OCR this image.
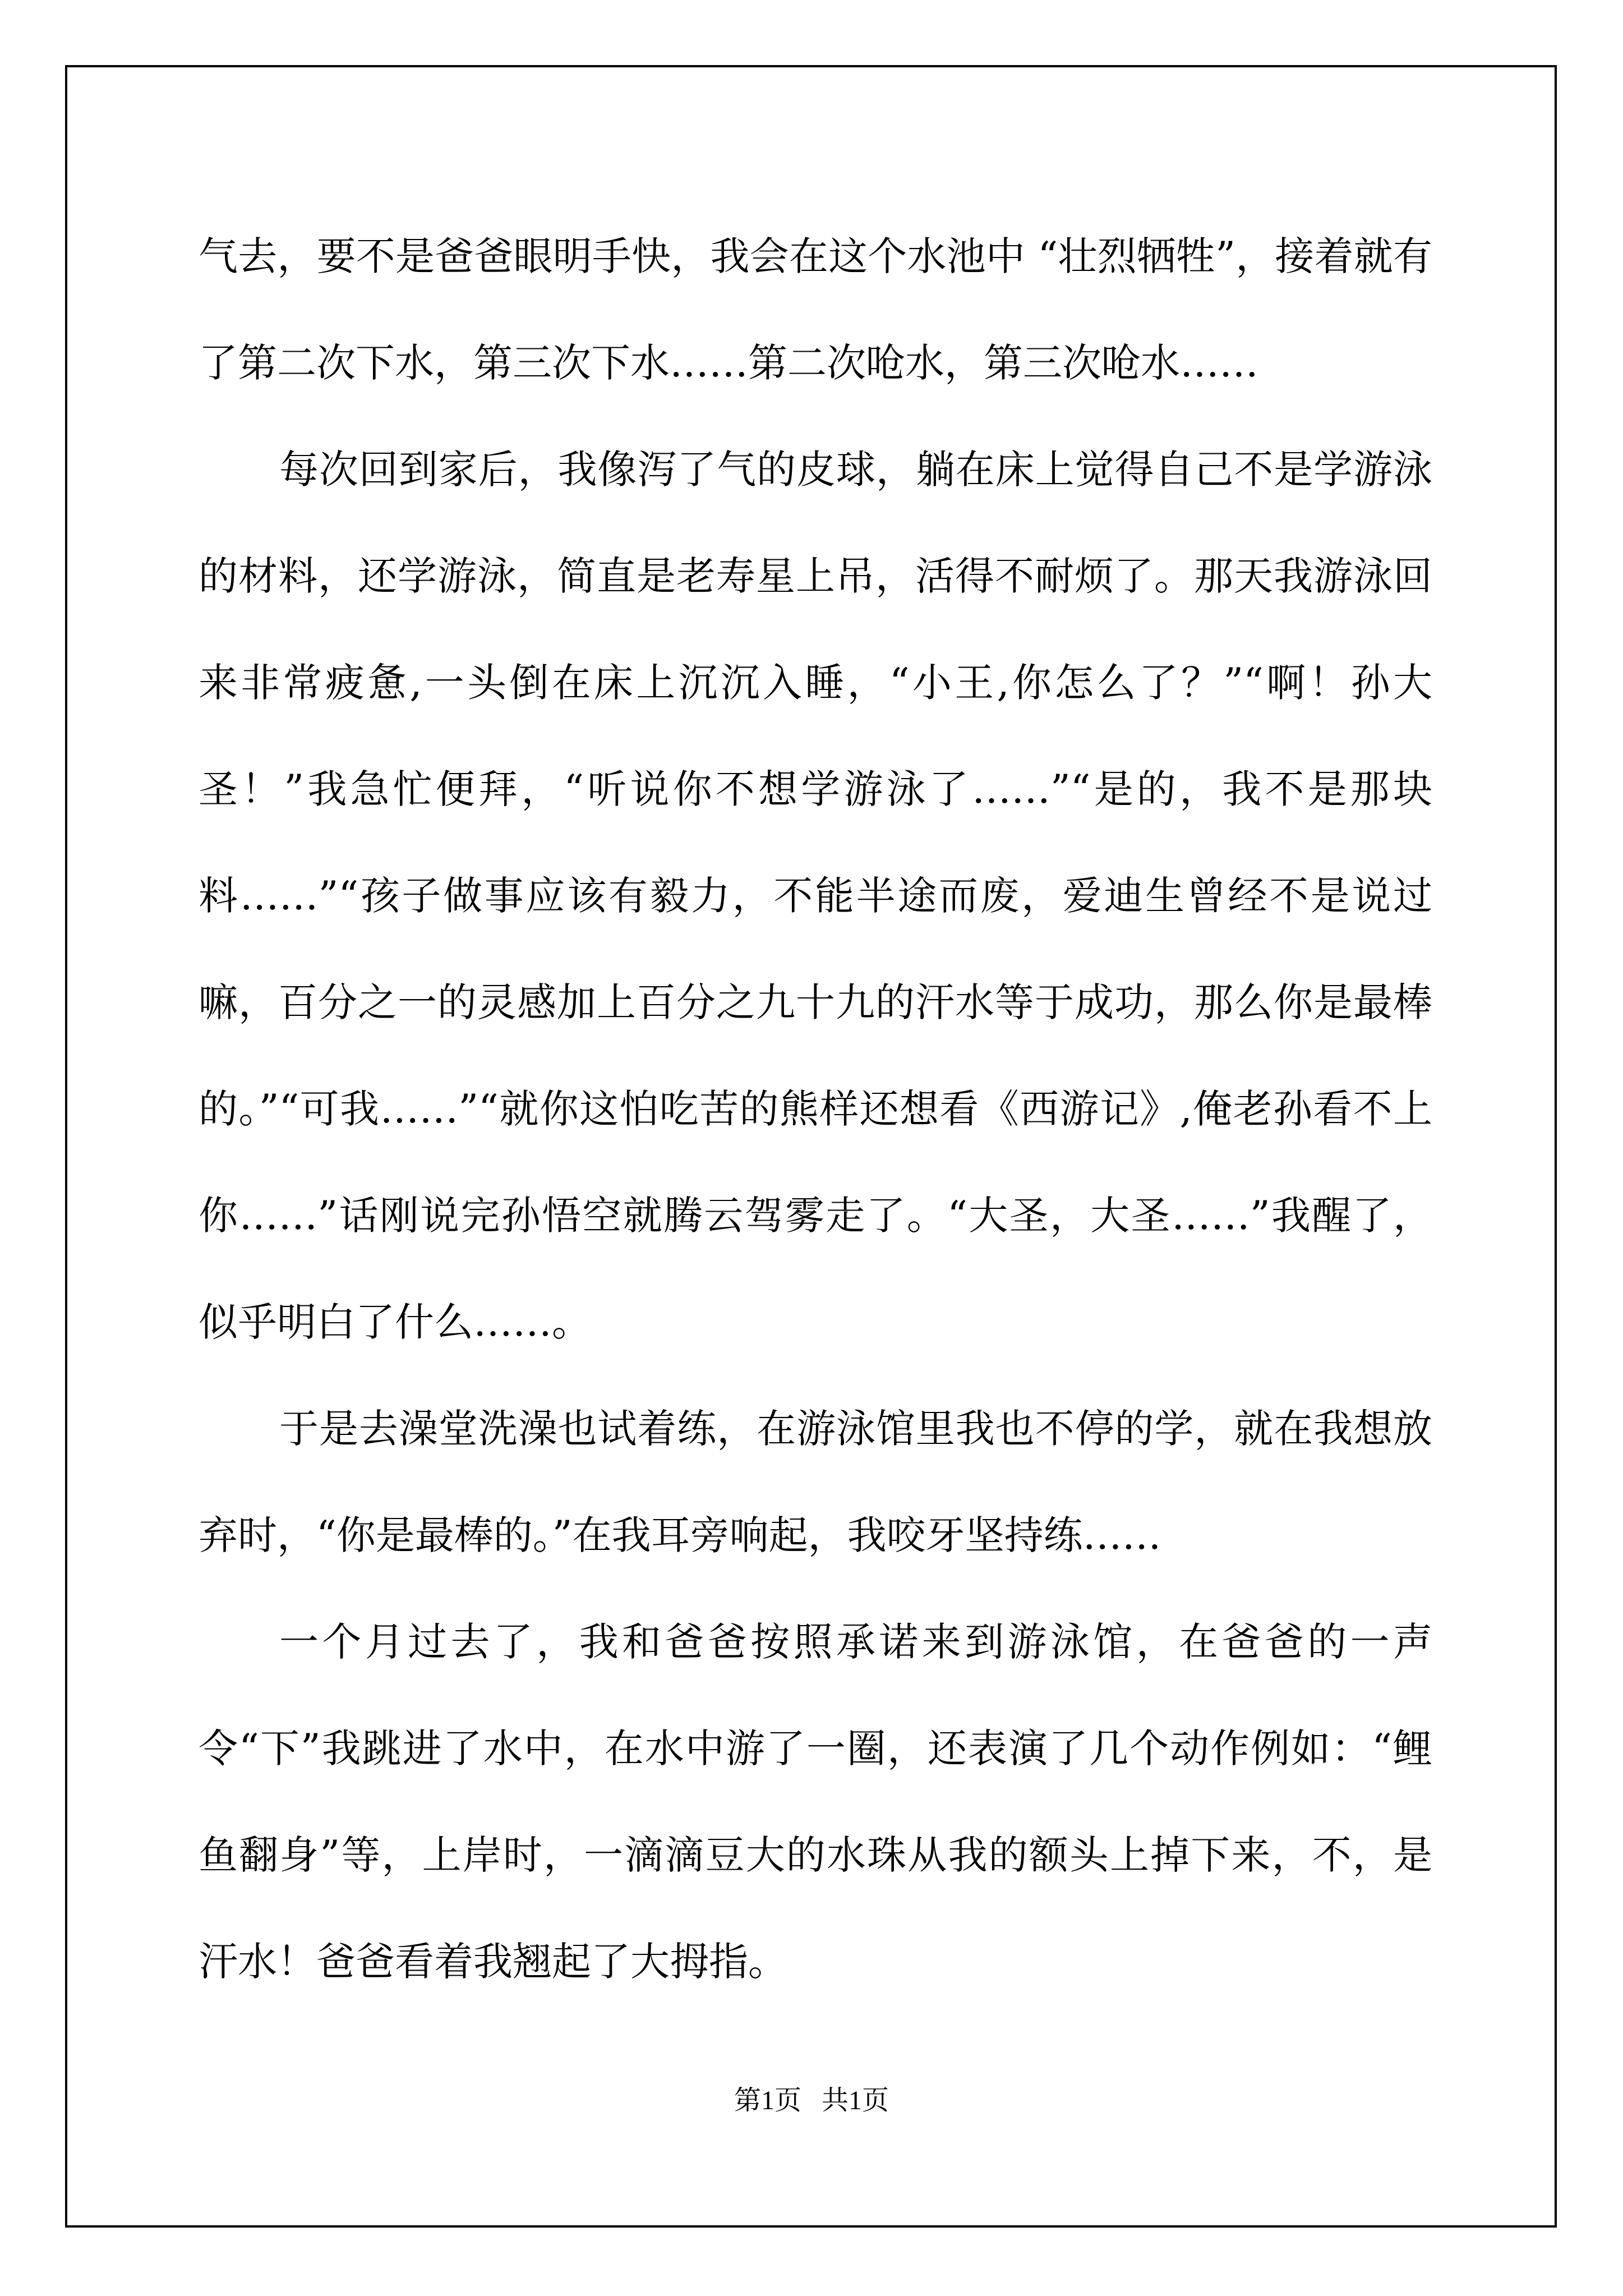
气去，要不是爸爸眼明手快，我会在这个水池中 “壮烈牺牲”，接着就有了第二次下水，第三次下水……第二次呛水，第三次呛水……

每次回到家后，我像泻了气的皮球，躺在床上觉得自己不是学游泳的材料，还学游泳，简直是老寿星上吊，活得不耐烦了。那天我游泳回来非常疲惫,一头倒在床上沉沉入睡，“小王,你怎么了？”“啊！孙大圣！”我急忙便拜，“听说你不想学游泳了……”“是的，我不是那块料……”“孩子做事应该有毅力，不能半途而废，爱迪生曾经不是说过嘛，百分之一的灵感加上百分之九十九的汗水等于成功，那么你是最棒的。”“可我……”“就你这怕吃苦的熊样还想看《西游记》,俺老孙看不上你……”话刚说完孙悟空就腾云驾雾走了。“大圣，大圣……”我醒了，似乎明白了什么……。

于是去澡堂洗澡也试着练，在游泳馆里我也不停的学，就在我想放弃时，“你是最棒的。”在我耳旁响起，我咬牙坚持练……

一个月过去了，我和爸爸按照承诺来到游泳馆，在爸爸的一声令“下”我跳进了水中，在水中游了一圈，还表演了几个动作例如：“鲤鱼翻身”等，上岸时，一滴滴豆大的水珠从我的额头上掉下来，不，是汗水！爸爸看着我翘起了大拇指。

第1页   共1页
